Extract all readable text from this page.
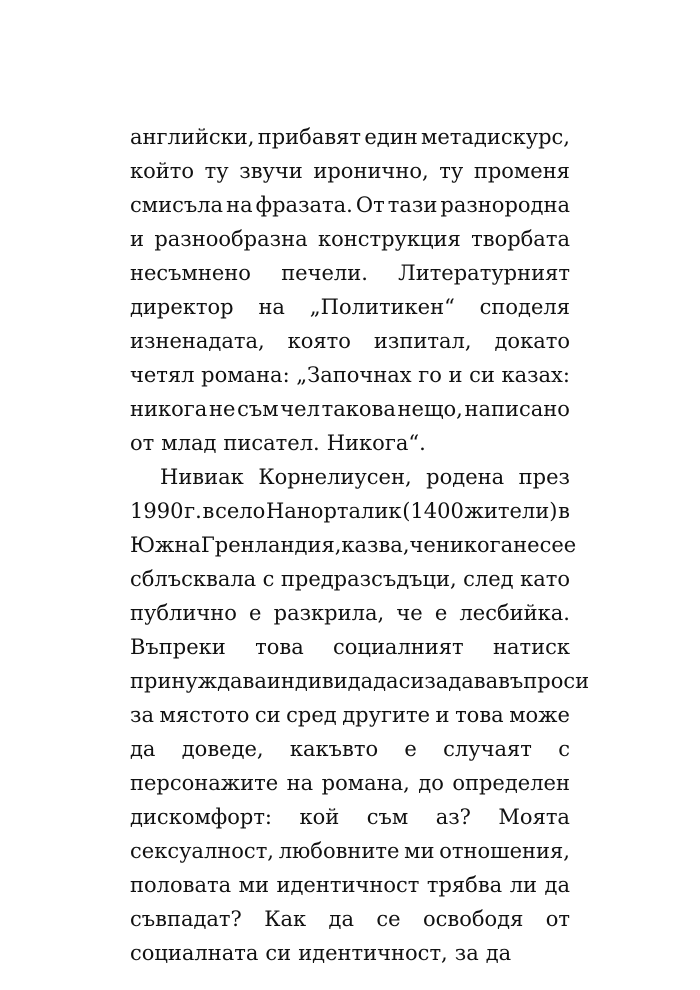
английски, прибавят един метадискурс,
който ту звучи иронично, ту променя
смисъла на фразата. От тази разнородна
и разнообразна конструкция творбата
несъмнено печели. Литературният
директор на „Политикен“ споделя
изненадата, която изпитал, докато
четял романа: „Започнах го и си казах:
никога не съм чел такова нещо, написано
от млад писател. Никога“.
Нивиак Корнелиусен, родена през
1990 г. в село Нанорталик (1400 жители) в
Южна Гренландия, казва, че никога не се е
сблъсквала с предразсъдъци, след като
публично е разкрила, че е лесбийка.
Въпреки това социалният натиск
принуждава индивида да си задава въпроси
за мястото си сред другите и това може
да доведе, какъвто е случаят с
персонажите на романа, до определен
дискомфорт: кой съм аз? Моята
сексуалност, любовните ми отношения,
половата ми идентичност трябва ли да
съвпадат? Как да се освободя от
социалната си идентичност, за да
